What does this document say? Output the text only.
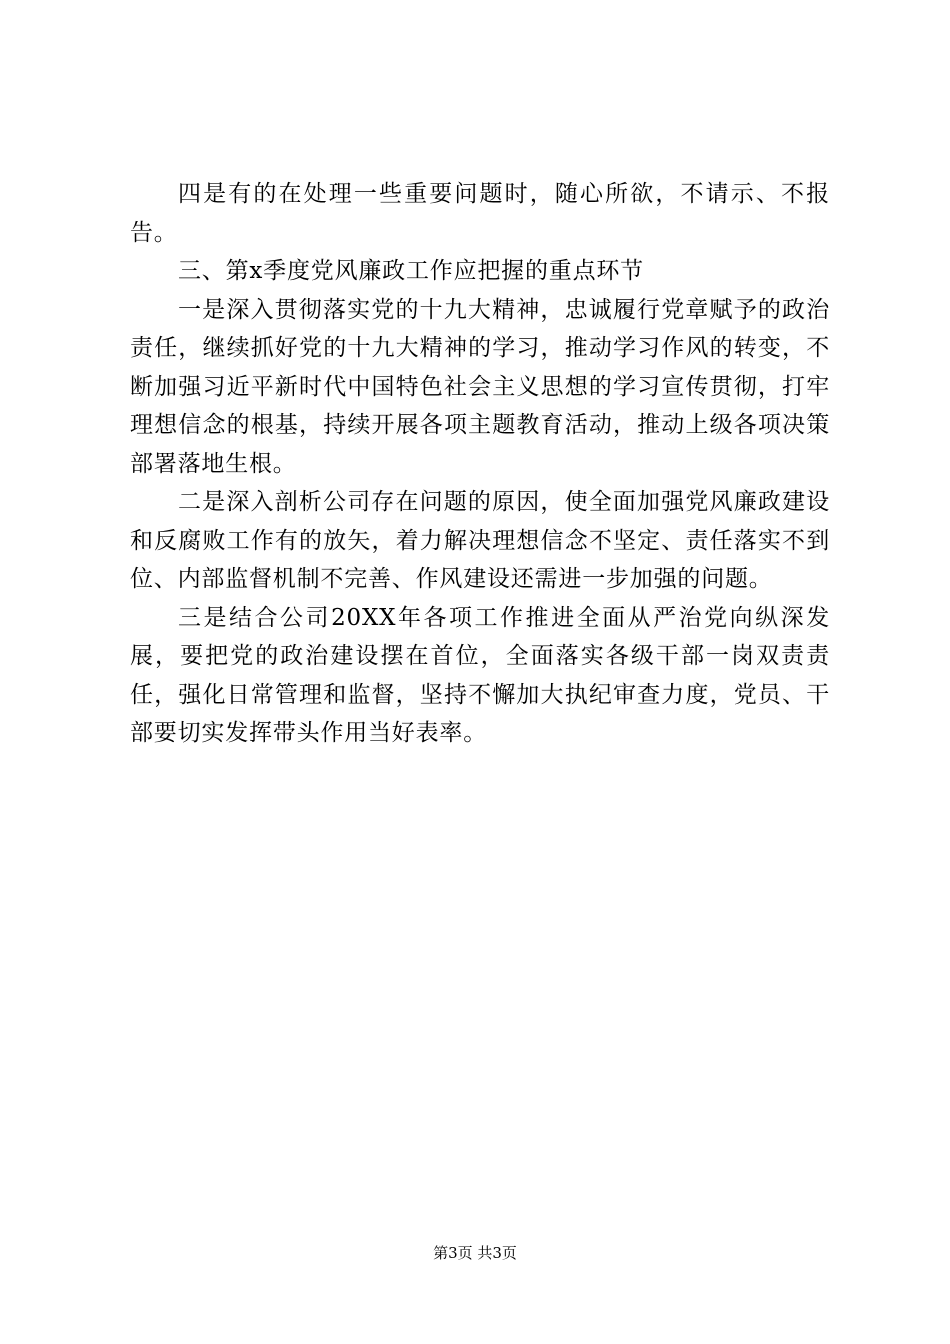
四是有的在处理一些重要问题时，随心所欲，不请示、不报告。

三、第x季度党风廉政工作应把握的重点环节

一是深入贯彻落实党的十九大精神，忠诚履行党章赋予的政治责任，继续抓好党的十九大精神的学习，推动学习作风的转变，不断加强习近平新时代中国特色社会主义思想的学习宣传贯彻，打牢理想信念的根基，持续开展各项主题教育活动，推动上级各项决策部署落地生根。

二是深入剖析公司存在问题的原因，使全面加强党风廉政建设和反腐败工作有的放矢，着力解决理想信念不坚定、责任落实不到位、内部监督机制不完善、作风建设还需进一步加强的问题。

三是结合公司20XX年各项工作推进全面从严治党向纵深发展，要把党的政治建设摆在首位，全面落实各级干部一岗双责责任，强化日常管理和监督，坚持不懈加大执纪审查力度，党员、干部要切实发挥带头作用当好表率。

第3页 共3页
